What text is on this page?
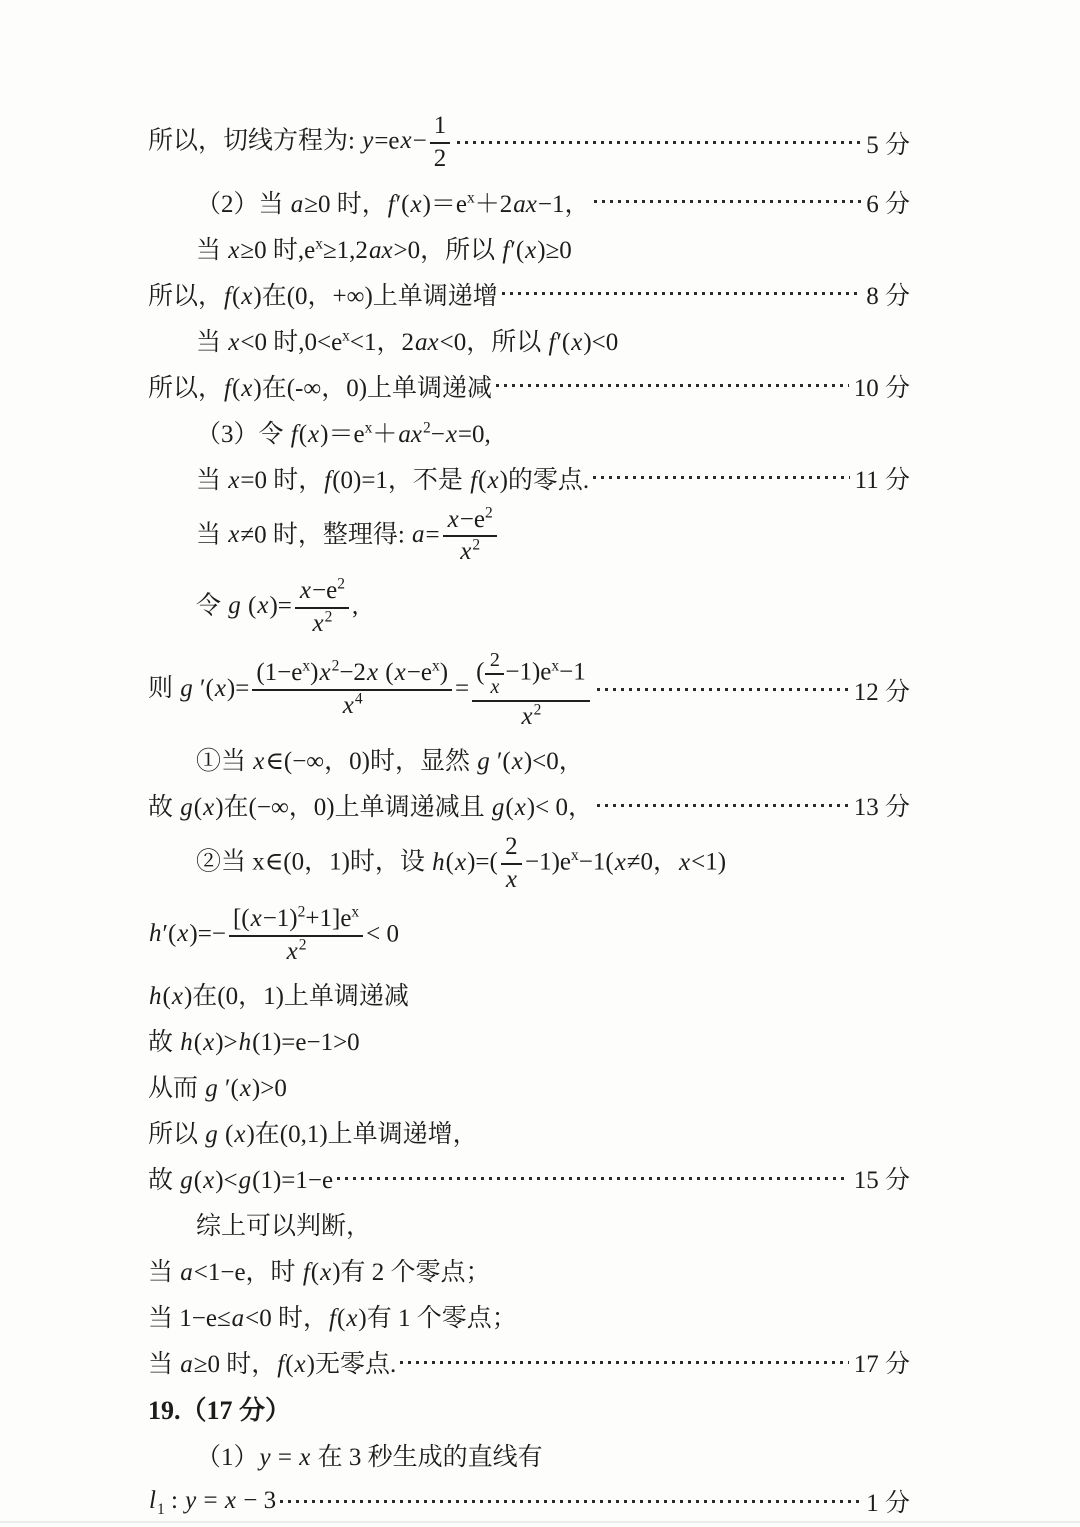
所以，切线方程为: $y=ex- \frac{1}{2}$	5 分
（2）当 a≥0 时，$f'(x)=e^x+2ax-1$，	6 分
当 x≥0 时$,e^x\ge 1,2ax>0$，所以 f′(x)≥0
所以，f(x)在(0，+∞)上单调递增	8 分
当 x<0 时$,0<e^x<1$，2ax<0，所以 f′(x)<0
所以，f(x)在(-∞，0)上单调递减	10 分
（3）令 $f(x)=e^x+ax^2-x=0$,
当 x=0 时，f(0)=1，不是 f(x)的零点.	11 分
当 x≠0 时，整理得: $a= \frac{x-e^2}{x^2}$
令 g $(x)= \frac{x-e^2}{x^2}$ ,
则 g $'(x)= \frac{(1-e^x)x^2-2x (x-e^x)}{x^4} = \frac{( \frac{2}{x} -1)e^x-1}{x^2}$	12 分
①当 x∈(−∞，0)时，显然 g ′(x)<0，
故 g(x)在(−∞，0)上单调递减且 g(x)< 0，	13 分
②当 x∈(0，1)时，设 $h(x)=( \frac{2}{x} -1)e^x-1(x\ne 0$，x<1)
$h'(x)=- \frac{[(x-1)^2+1]e^x}{x^2} < 0$
h(x)在(0，1)上单调递减
故 h(x)>h(1)=e−1>0
从而 g ′(x)>0
所以 g (x)在(0,1)上单调递增，
故 g(x)<g(1)=1−e	15 分
综上可以判断，
当 a<1−e，时 f(x)有 2 个零点；
当 1−e≤a<0 时，f(x)有 1 个零点；
当 a≥0 时，f(x)无零点.	17 分
19.（17 分）
（1）y = x 在 3 秒生成的直线有
$l_1$ : y = x − 3	1 分
